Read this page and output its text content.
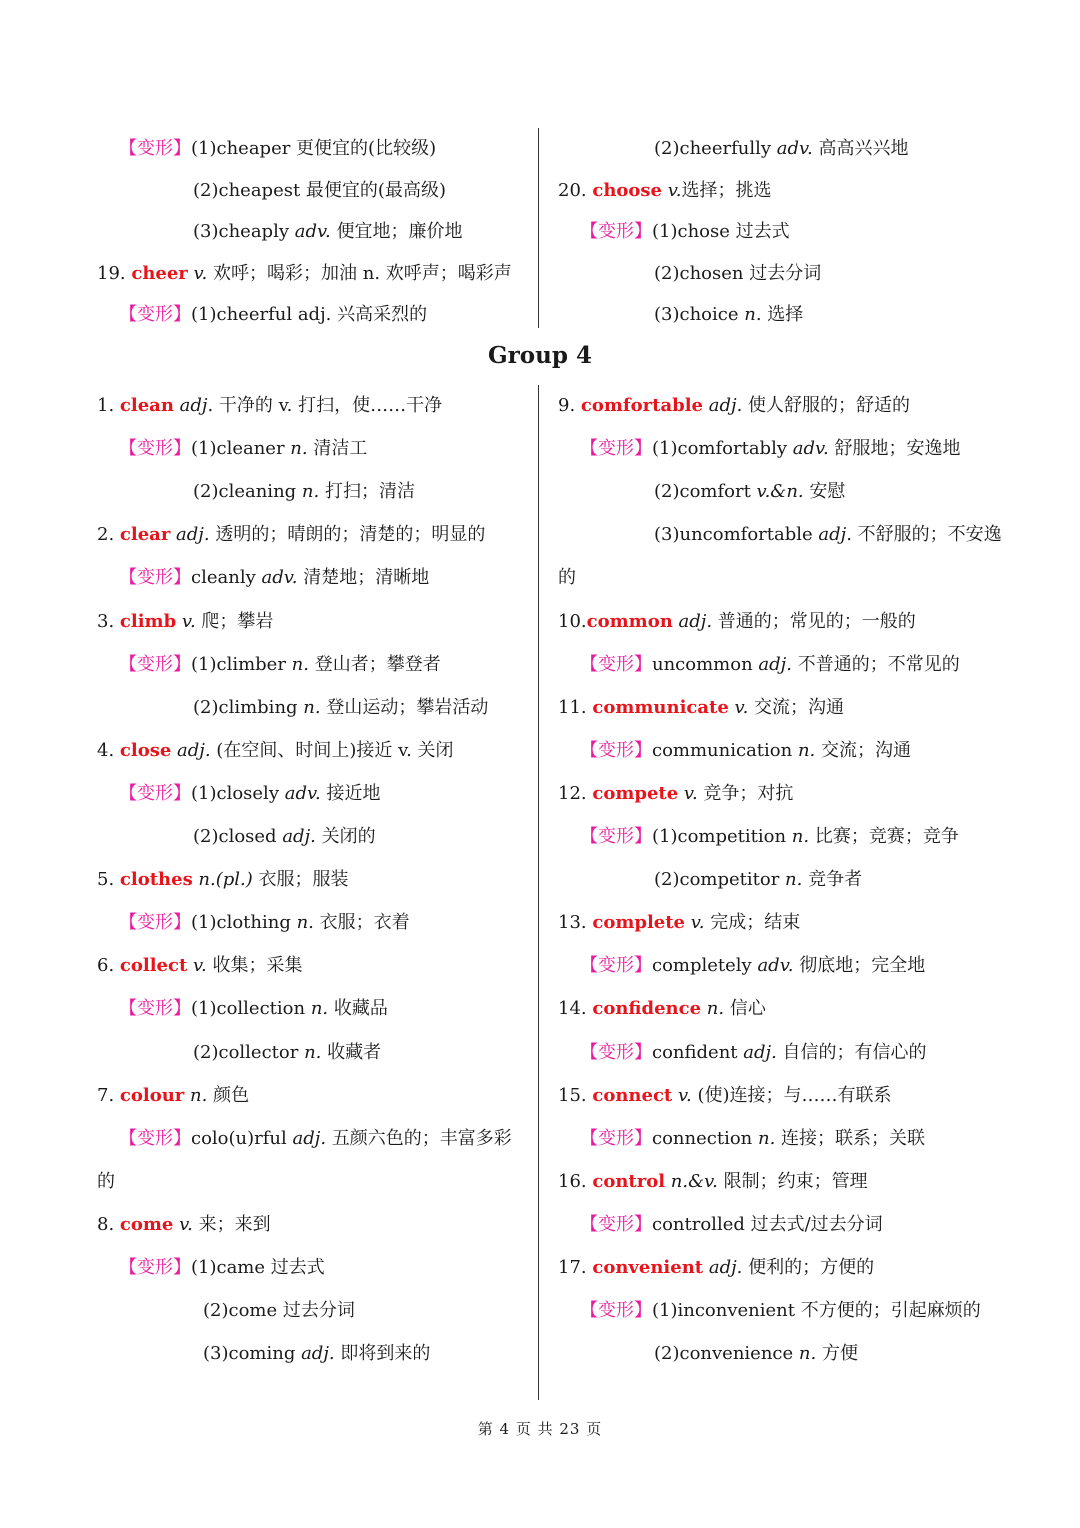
【变形】(1)cheaper 更便宜的(比较级)
(2)cheapest 最便宜的(最高级)
(3)cheaply adv. 便宜地；廉价地
19. cheer v. 欢呼；喝彩；加油 n. 欢呼声；喝彩声
【变形】(1)cheerful adj. 兴高采烈的
(2)cheerfully adv. 高高兴兴地
20. choose v.选择；挑选
【变形】(1)chose 过去式
(2)chosen 过去分词
(3)choice n. 选择
Group 4
1. clean adj. 干净的 v. 打扫，使……干净
【变形】(1)cleaner n. 清洁工
(2)cleaning n. 打扫；清洁
2. clear adj. 透明的；晴朗的；清楚的；明显的
【变形】cleanly adv. 清楚地；清晰地
3. climb v. 爬；攀岩
【变形】(1)climber n. 登山者；攀登者
(2)climbing n. 登山运动；攀岩活动
4. close adj. (在空间、时间上)接近 v. 关闭
【变形】(1)closely adv. 接近地
(2)closed adj. 关闭的
5. clothes n.(pl.) 衣服；服装
【变形】(1)clothing n. 衣服；衣着
6. collect v. 收集；采集
【变形】(1)collection n. 收藏品
(2)collector n. 收藏者
7. colour n. 颜色
【变形】colo(u)rful adj. 五颜六色的；丰富多彩
的
8. come v. 来；来到
【变形】(1)came 过去式
(2)come 过去分词
(3)coming adj. 即将到来的
9. comfortable adj. 使人舒服的；舒适的
【变形】(1)comfortably adv. 舒服地；安逸地
(2)comfort v.&n. 安慰
(3)uncomfortable adj. 不舒服的；不安逸
的
10.common adj. 普通的；常见的；一般的
【变形】uncommon adj. 不普通的；不常见的
11. communicate v. 交流；沟通
【变形】communication n. 交流；沟通
12. compete v. 竞争；对抗
【变形】(1)competition n. 比赛；竞赛；竞争
(2)competitor n. 竞争者
13. complete v. 完成；结束
【变形】completely adv. 彻底地；完全地
14. confidence n. 信心
【变形】confident adj. 自信的；有信心的
15. connect v. (使)连接；与……有联系
【变形】connection n. 连接；联系；关联
16. control n.&v. 限制；约束；管理
【变形】controlled 过去式/过去分词
17. convenient adj. 便利的；方便的
【变形】(1)inconvenient 不方便的；引起麻烦的
(2)convenience n. 方便
第 4 页 共 23 页
